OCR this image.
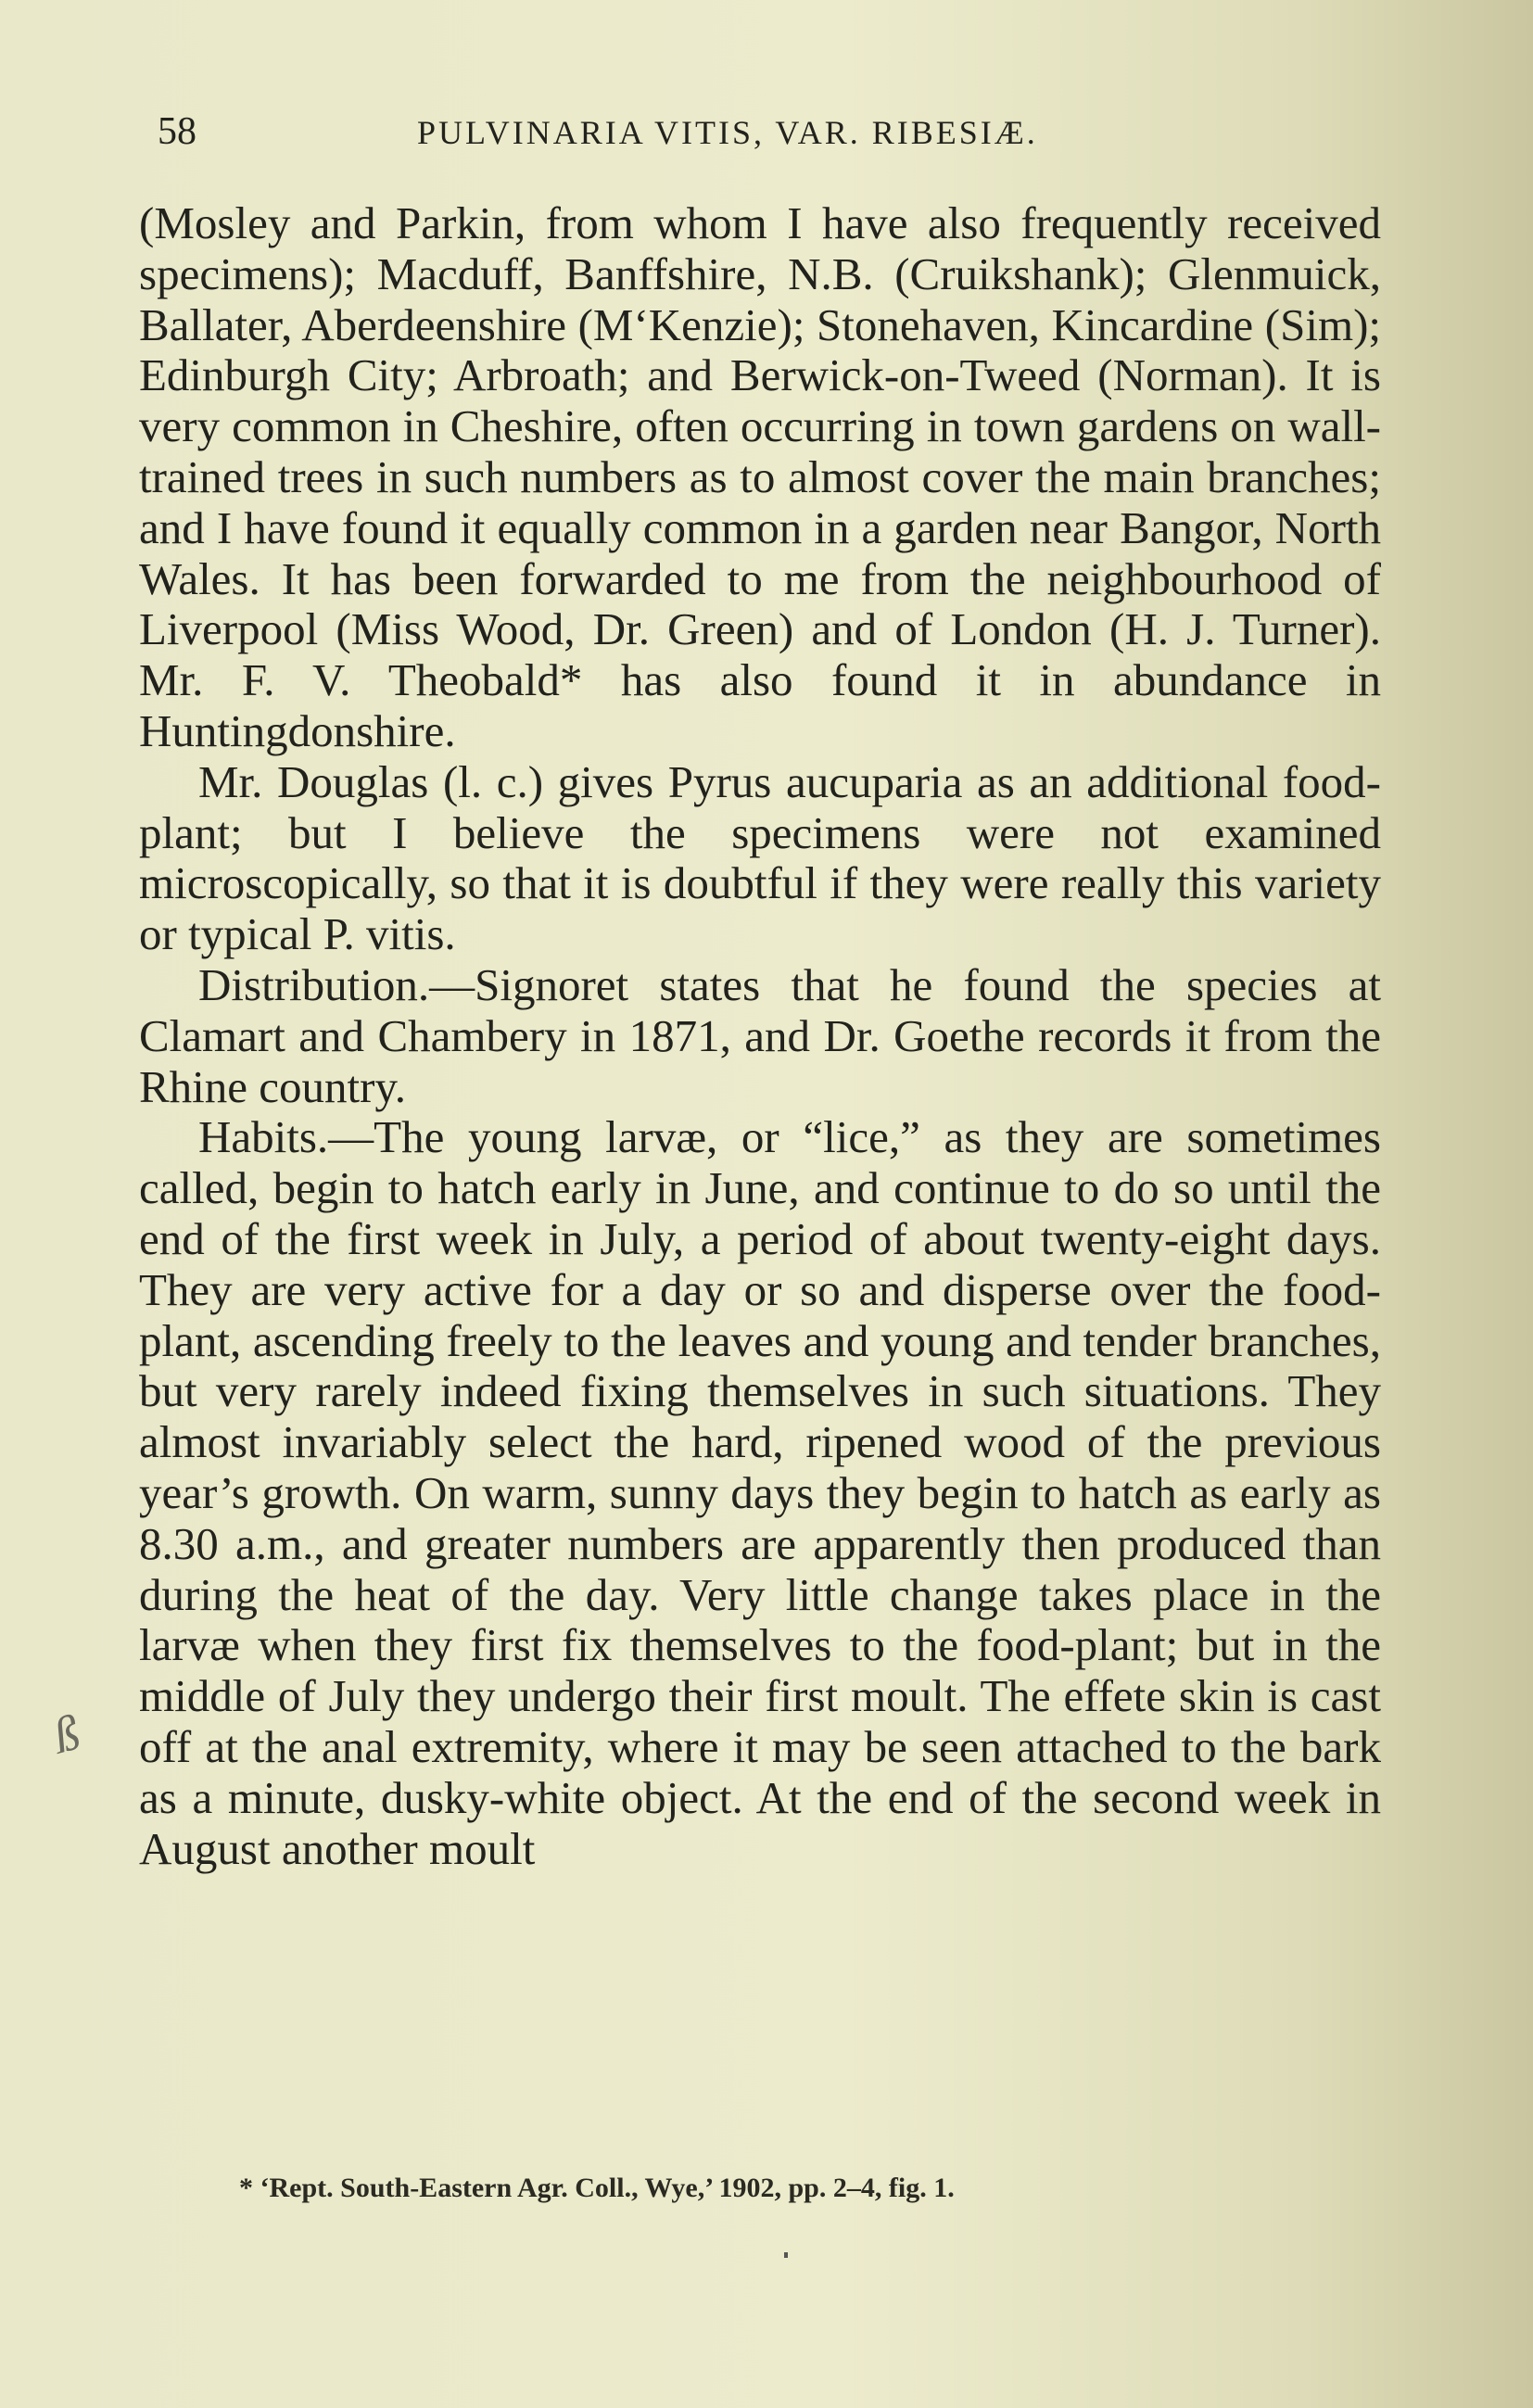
58	PULVINARIA VITIS, VAR. RIBESIÆ.

(Mosley and Parkin, from whom I have also frequently received specimens); Macduff, Banffshire, N.B. (Cruikshank); Glenmuick, Ballater, Aberdeenshire (M‘Kenzie); Stonehaven, Kincardine (Sim); Edinburgh City; Arbroath; and Berwick-on-Tweed (Norman). It is very common in Cheshire, often occurring in town gardens on wall-trained trees in such numbers as to almost cover the main branches; and I have found it equally common in a garden near Bangor, North Wales. It has been forwarded to me from the neighbourhood of Liverpool (Miss Wood, Dr. Green) and of London (H. J. Turner). Mr. F. V. Theobald* has also found it in abundance in Huntingdonshire.

Mr. Douglas (l. c.) gives Pyrus aucuparia as an additional food-plant; but I believe the specimens were not examined microscopically, so that it is doubtful if they were really this variety or typical P. vitis.

Distribution.—Signoret states that he found the species at Clamart and Chambery in 1871, and Dr. Goethe records it from the Rhine country.

Habits.—The young larvæ, or “lice,” as they are sometimes called, begin to hatch early in June, and continue to do so until the end of the first week in July, a period of about twenty-eight days. They are very active for a day or so and disperse over the food-plant, ascending freely to the leaves and young and tender branches, but very rarely indeed fixing themselves in such situations. They almost invariably select the hard, ripened wood of the previous year’s growth. On warm, sunny days they begin to hatch as early as 8.30 a.m., and greater numbers are apparently then produced than during the heat of the day. Very little change takes place in the larvæ when they first fix themselves to the food-plant; but in the middle of July they undergo their first moult. The effete skin is cast off at the anal extremity, where it may be seen attached to the bark as a minute, dusky-white object. At the end of the second week in August another moult

ß
* ‘Rept. South-Eastern Agr. Coll., Wye,’ 1902, pp. 2–4, fig. 1.
